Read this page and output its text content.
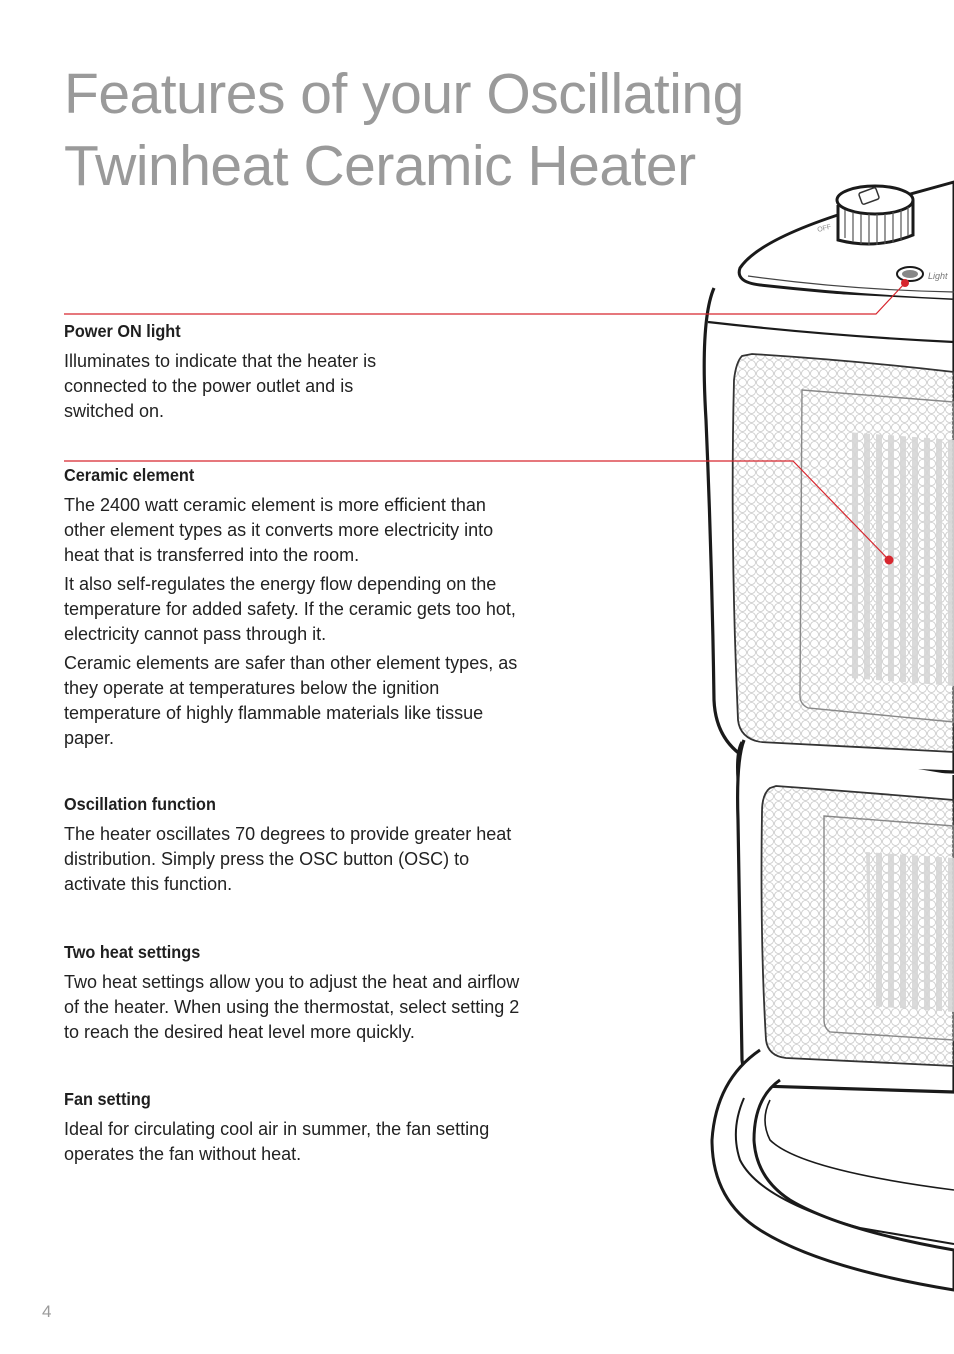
OFF
Light
Features of your Oscillating
Twinheat Ceramic Heater
Power ON light

Illuminates to indicate that the heater is connected to the power outlet and is switched on.

Ceramic element

The 2400 watt ceramic element is more efficient than other element types as it converts more electricity into heat that is transferred into the room.

It also self-regulates the energy flow depending on the temperature for added safety. If the ceramic gets too hot, electricity cannot pass through it.

Ceramic elements are safer than other element types, as they operate at temperatures below the ignition temperature of highly flammable materials like tissue paper.

Oscillation function

The heater oscillates 70 degrees to provide greater heat distribution. Simply press the OSC button (OSC) to activate this function.

Two heat settings

Two heat settings allow you to adjust the heat and airflow of the heater. When using the thermostat, select setting 2 to reach the desired heat level more quickly.

Fan setting

Ideal for circulating cool air in summer, the fan setting operates the fan without heat.

4
